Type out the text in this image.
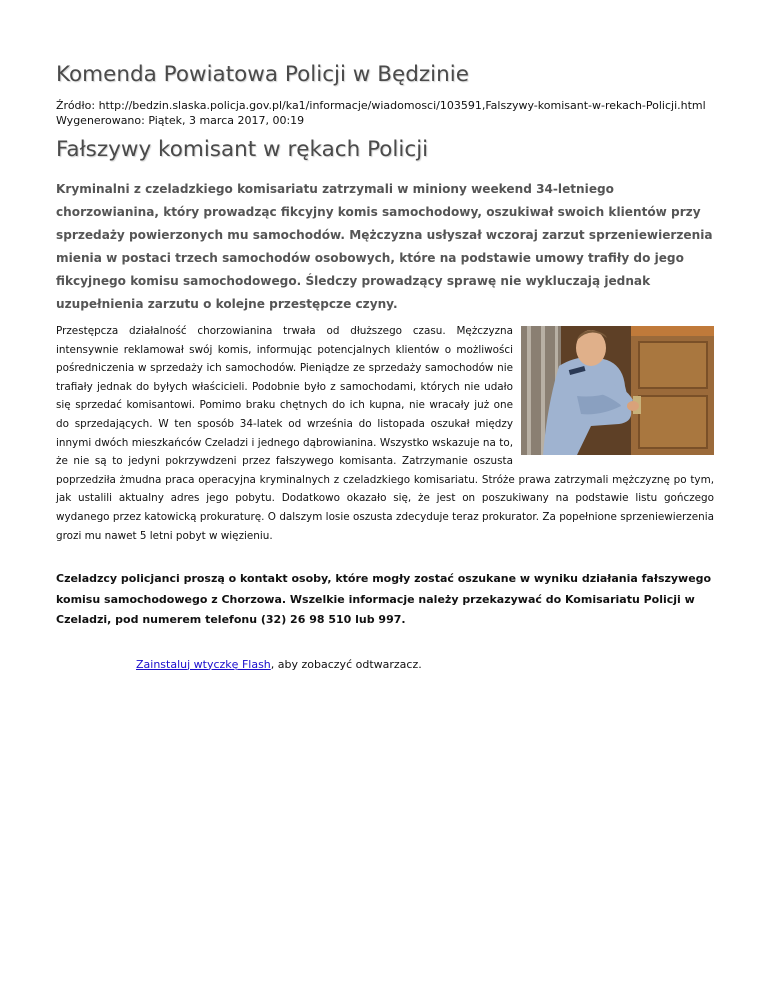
Komenda Powiatowa Policji w Będzinie
Źródło: http://bedzin.slaska.policja.gov.pl/ka1/informacje/wiadomosci/103591,Falszywy-komisant-w-rekach-Policji.html
Wygenerowano: Piątek, 3 marca 2017, 00:19
Fałszywy komisant w rękach Policji

Kryminalni z czeladzkiego komisariatu zatrzymali w miniony weekend 34-letniego chorzowianina, który prowadząc fikcyjny komis samochodowy, oszukiwał swoich klientów przy sprzedaży powierzonych mu samochodów. Mężczyzna usłyszał wczoraj zarzut sprzeniewierzenia mienia w postaci trzech samochodów osobowych, które na podstawie umowy trafiły do jego fikcyjnego komisu samochodowego. Śledczy prowadzący sprawę nie wykluczają jednak uzupełnienia zarzutu o kolejne przestępcze czyny.

Przestępcza działalność chorzowianina trwała od dłuższego czasu. Mężczyzna intensywnie reklamował swój komis, informując potencjalnych klientów o możliwości pośredniczenia w sprzedaży ich samochodów. Pieniądze ze sprzedaży samochodów nie trafiały jednak do byłych właścicieli. Podobnie było z samochodami, których nie udało się sprzedać komisantowi. Pomimo braku chętnych do ich kupna, nie wracały już one do sprzedających. W ten sposób 34-latek od września do listopada oszukał między innymi dwóch mieszkańców Czeladzi i jednego dąbrowianina. Wszystko wskazuje na to, że nie są to jedyni pokrzywdzeni przez fałszywego komisanta. Zatrzymanie oszusta poprzedziła żmudna praca operacyjna kryminalnych z czeladzkiego komisariatu. Stróże prawa zatrzymali mężczyznę po tym, jak ustalili aktualny adres jego pobytu. Dodatkowo okazało się, że jest on poszukiwany na podstawie listu gończego wydanego przez katowicką prokuraturę. O dalszym losie oszusta zdecyduje teraz prokurator. Za popełnione sprzeniewierzenia grozi mu nawet 5 letni pobyt w więzieniu.

Czeladzcy policjanci proszą o kontakt osoby, które mogły zostać oszukane w wyniku działania fałszywego komisu samochodowego z Chorzowa. Wszelkie informacje należy przekazywać do Komisariatu Policji w Czeladzi, pod numerem telefonu (32) 26 98 510 lub 997.

Zainstaluj wtyczkę Flash, aby zobaczyć odtwarzacz.
